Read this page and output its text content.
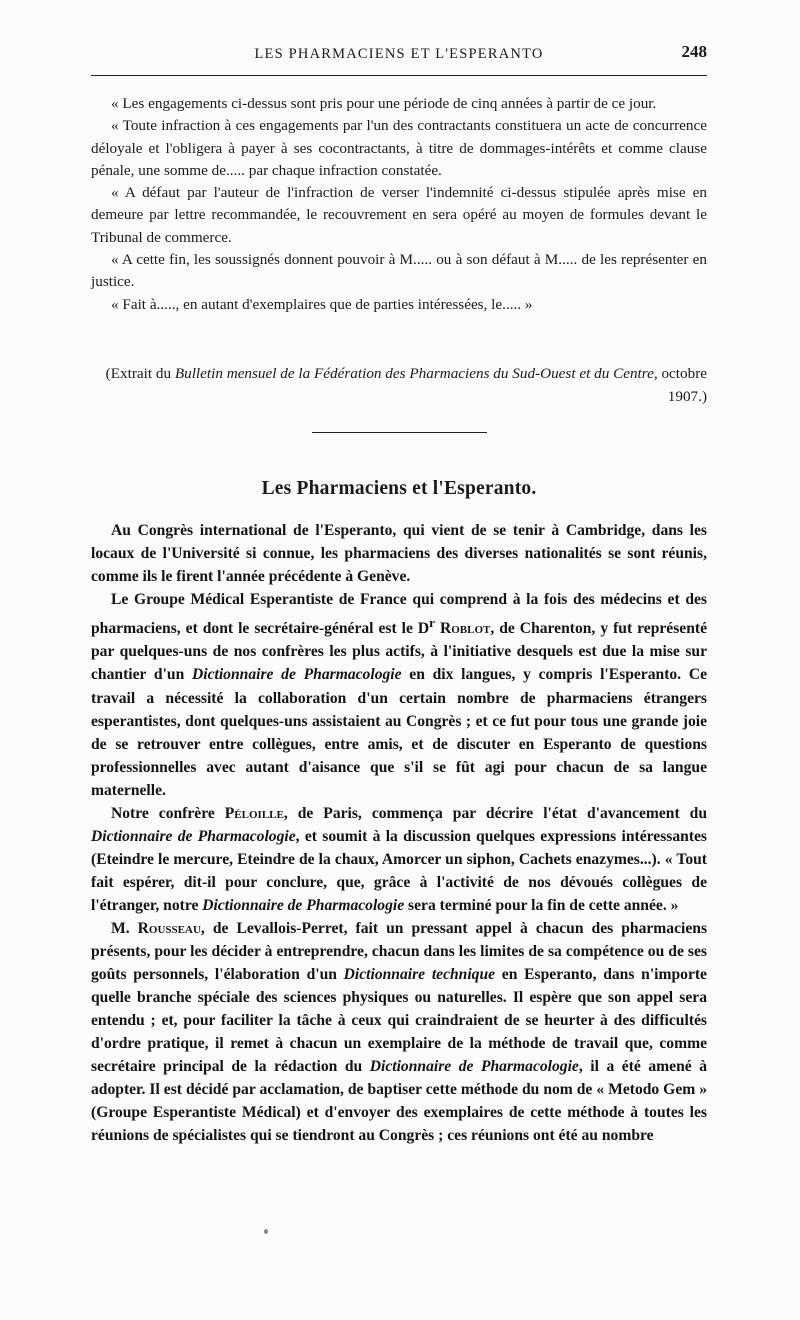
LES PHARMACIENS ET L'ESPERANTO	248

« Les engagements ci-dessus sont pris pour une période de cinq années à partir de ce jour.

« Toute infraction à ces engagements par l'un des contractants constituera un acte de concurrence déloyale et l'obligera à payer à ses cocontractants, à titre de dommages-intérêts et comme clause pénale, une somme de..... par chaque infraction constatée.

« A défaut par l'auteur de l'infraction de verser l'indemnité ci-dessus stipulée après mise en demeure par lettre recommandée, le recouvrement en sera opéré au moyen de formules devant le Tribunal de commerce.

« A cette fin, les soussignés donnent pouvoir à M..... ou à son défaut à M..... de les représenter en justice.

« Fait à....., en autant d'exemplaires que de parties intéressées, le..... »

(Extrait du Bulletin mensuel de la Fédération des Pharmaciens du Sud-Ouest et du Centre, octobre 1907.)
Les Pharmaciens et l'Esperanto.

Au Congrès international de l'Esperanto, qui vient de se tenir à Cambridge, dans les locaux de l'Université si connue, les pharmaciens des diverses nationalités se sont réunis, comme ils le firent l'année précédente à Genève.

Le Groupe Médical Esperantiste de France qui comprend à la fois des médecins et des pharmaciens, et dont le secrétaire-général est le $D^r$ Roblot, de Charenton, y fut représenté par quelques-uns de nos confrères les plus actifs, à l'initiative desquels est due la mise sur chantier d'un Dictionnaire de Pharmacologie en dix langues, y compris l'Esperanto. Ce travail a nécessité la collaboration d'un certain nombre de pharmaciens étrangers esperantistes, dont quelques-uns assistaient au Congrès ; et ce fut pour tous une grande joie de se retrouver entre collègues, entre amis, et de discuter en Esperanto de questions professionnelles avec autant d'aisance que s'il se fût agi pour chacun de sa langue maternelle.

Notre confrère Péloille, de Paris, commença par décrire l'état d'avancement du Dictionnaire de Pharmacologie, et soumit à la discussion quelques expressions intéressantes (Eteindre le mercure, Eteindre de la chaux, Amorcer un siphon, Cachets enazymes...). « Tout fait espérer, dit-il pour conclure, que, grâce à l'activité de nos dévoués collègues de l'étranger, notre Dictionnaire de Pharmacologie sera terminé pour la fin de cette année. »

M. Rousseau, de Levallois-Perret, fait un pressant appel à chacun des pharmaciens présents, pour les décider à entreprendre, chacun dans les limites de sa compétence ou de ses goûts personnels, l'élaboration d'un Dictionnaire technique en Esperanto, dans n'importe quelle branche spéciale des sciences physiques ou naturelles. Il espère que son appel sera entendu ; et, pour faciliter la tâche à ceux qui craindraient de se heurter à des difficultés d'ordre pratique, il remet à chacun un exemplaire de la méthode de travail que, comme secrétaire principal de la rédaction du Dictionnaire de Pharmacologie, il a été amené à adopter. Il est décidé par acclamation, de baptiser cette méthode du nom de « Metodo Gem » (Groupe Esperantiste Médical) et d'envoyer des exemplaires de cette méthode à toutes les réunions de spécialistes qui se tiendront au Congrès ; ces réunions ont été au nombre
